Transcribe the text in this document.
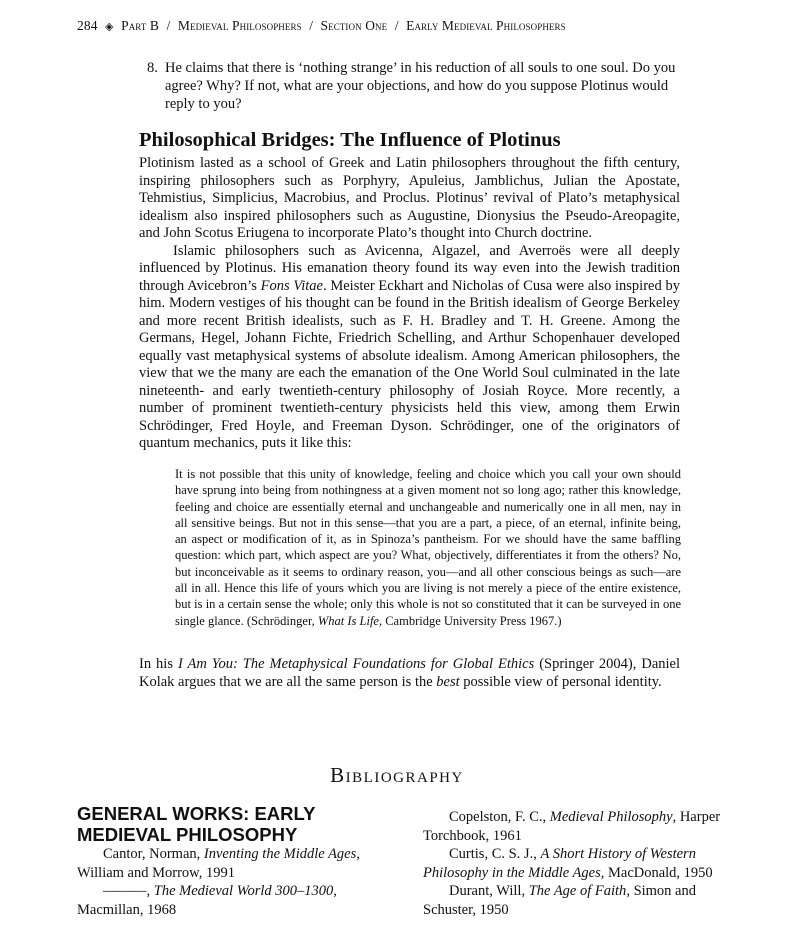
284 ◈ Part B / Medieval Philosophers / Section One / Early Medieval Philosophers
8. He claims that there is ‘nothing strange’ in his reduction of all souls to one soul. Do you agree? Why? If not, what are your objections, and how do you suppose Plotinus would reply to you?
Philosophical Bridges: The Influence of Plotinus

Plotinism lasted as a school of Greek and Latin philosophers throughout the fifth century, inspiring philosophers such as Porphyry, Apuleius, Jamblichus, Julian the Apostate, Tehmistius, Simplicius, Macrobius, and Proclus. Plotinus’ revival of Plato’s metaphysical idealism also inspired philosophers such as Augustine, Dionysius the Pseudo-Areopagite, and John Scotus Eriugena to incorporate Plato’s thought into Church doctrine.

Islamic philosophers such as Avicenna, Algazel, and Averroës were all deeply influenced by Plotinus. His emanation theory found its way even into the Jewish tradition through Avicebron’s Fons Vitae. Meister Eckhart and Nicholas of Cusa were also inspired by him. Modern vestiges of his thought can be found in the British idealism of George Berkeley and more recent British idealists, such as F. H. Bradley and T. H. Greene. Among the Germans, Hegel, Johann Fichte, Friedrich Schelling, and Arthur Schopenhauer developed equally vast metaphysical systems of absolute idealism. Among American philosophers, the view that we the many are each the emanation of the One World Soul culminated in the late nineteenth- and early twentieth-century philosophy of Josiah Royce. More recently, a number of prominent twentieth-century physicists held this view, among them Erwin Schrödinger, Fred Hoyle, and Freeman Dyson. Schrödinger, one of the originators of quantum mechanics, puts it like this:

It is not possible that this unity of knowledge, feeling and choice which you call your own should have sprung into being from nothingness at a given moment not so long ago; rather this knowledge, feeling and choice are essentially eternal and unchangeable and numerically one in all men, nay in all sensitive beings. But not in this sense—that you are a part, a piece, of an eternal, infinite being, an aspect or modification of it, as in Spinoza’s pantheism. For we should have the same baffling question: which part, which aspect are you? What, objectively, differentiates it from the others? No, but inconceivable as it seems to ordinary reason, you—and all other conscious beings as such—are all in all. Hence this life of yours which you are living is not merely a piece of the entire existence, but is in a certain sense the whole; only this whole is not so constituted that it can be surveyed in one single glance. (Schrödinger, What Is Life, Cambridge University Press 1967.)

In his I Am You: The Metaphysical Foundations for Global Ethics (Springer 2004), Daniel Kolak argues that we are all the same person is the best possible view of personal identity.

Bibliography
GENERAL WORKS: EARLY
MEDIEVAL PHILOSOPHY

Cantor, Norman, Inventing the Middle Ages, William and Morrow, 1991

———, The Medieval World 300–1300, Macmillan, 1968

Copelston, F. C., Medieval Philosophy, Harper Torchbook, 1961

Curtis, C. S. J., A Short History of Western Philosophy in the Middle Ages, MacDonald, 1950

Durant, Will, The Age of Faith, Simon and Schuster, 1950
